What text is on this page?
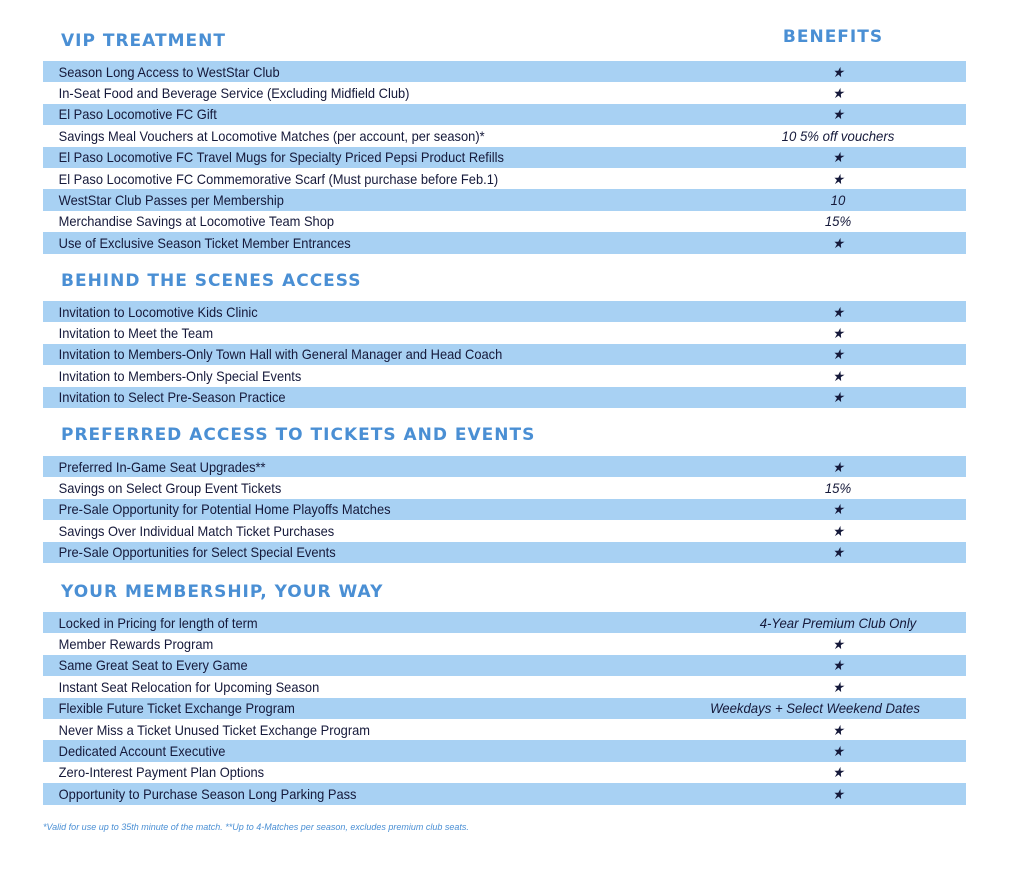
VIP TREATMENT	BENEFITS
Season Long Access to WestStar Club	★
In-Seat Food and Beverage Service (Excluding Midfield Club)	★
El Paso Locomotive FC Gift	★
Savings Meal Vouchers at Locomotive Matches (per account, per season)*	10 5% off vouchers
El Paso Locomotive FC Travel Mugs for Specialty Priced Pepsi Product Refills	★
El Paso Locomotive FC Commemorative Scarf (Must purchase before Feb.1)	★
WestStar Club Passes per Membership	10
Merchandise Savings at Locomotive Team Shop	15%
Use of Exclusive Season Ticket Member Entrances	★
BEHIND THE SCENES ACCESS
Invitation to Locomotive Kids Clinic	★
Invitation to Meet the Team	★
Invitation to Members-Only Town Hall with General Manager and Head Coach	★
Invitation to Members-Only Special Events	★
Invitation to Select Pre-Season Practice	★
PREFERRED ACCESS TO TICKETS AND EVENTS
Preferred In-Game Seat Upgrades**	★
Savings on Select Group Event Tickets	15%
Pre-Sale Opportunity for Potential Home Playoffs Matches	★
Savings Over Individual Match Ticket Purchases	★
Pre-Sale Opportunities for Select Special Events	★
YOUR MEMBERSHIP, YOUR WAY
Locked in Pricing for length of term	4-Year Premium Club Only
Member Rewards Program	★
Same Great Seat to Every Game	★
Instant Seat Relocation for Upcoming Season	★
Flexible Future Ticket Exchange Program	Weekdays + Select Weekend Dates
Never Miss a Ticket Unused Ticket Exchange Program	★
Dedicated Account Executive	★
Zero-Interest Payment Plan Options	★
Opportunity to Purchase Season Long Parking Pass	★
*Valid for use up to 35th minute of the match. **Up to 4-Matches per season, excludes premium club seats.
